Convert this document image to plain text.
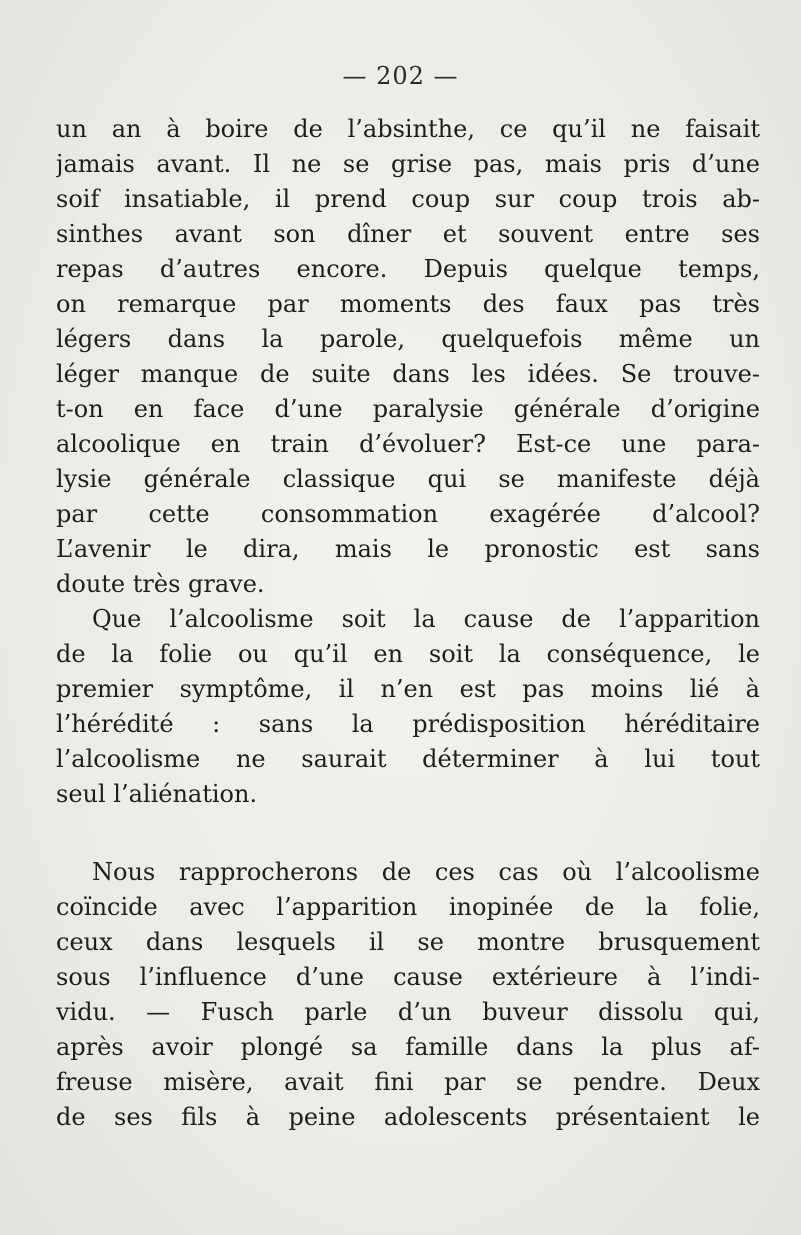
— 202 —
un an à boire de l’absinthe, ce qu’il ne faisait
jamais avant. Il ne se grise pas, mais pris d’une
soif insatiable, il prend coup sur coup trois ab-
sinthes avant son dîner et souvent entre ses
repas d’autres encore. Depuis quelque temps,
on remarque par moments des faux pas très
légers dans la parole, quelquefois même un
léger manque de suite dans les idées. Se trouve-
t-on en face d’une paralysie générale d’origine
alcoolique en train d’évoluer? Est-ce une para-
lysie générale classique qui se manifeste déjà
par cette consommation exagérée d’alcool?
L’avenir le dira, mais le pronostic est sans
doute très grave.
Que l’alcoolisme soit la cause de l’apparition
de la folie ou qu’il en soit la conséquence, le
premier symptôme, il n’en est pas moins lié à
l’hérédité : sans la prédisposition héréditaire
l’alcoolisme ne saurait déterminer à lui tout
seul l’aliénation.
Nous rapprocherons de ces cas où l’alcoolisme
coïncide avec l’apparition inopinée de la folie,
ceux dans lesquels il se montre brusquement
sous l’influence d’une cause extérieure à l’indi-
vidu. — Fusch parle d’un buveur dissolu qui,
après avoir plongé sa famille dans la plus af-
freuse misère, avait fini par se pendre. Deux
de ses fils à peine adolescents présentaient le
